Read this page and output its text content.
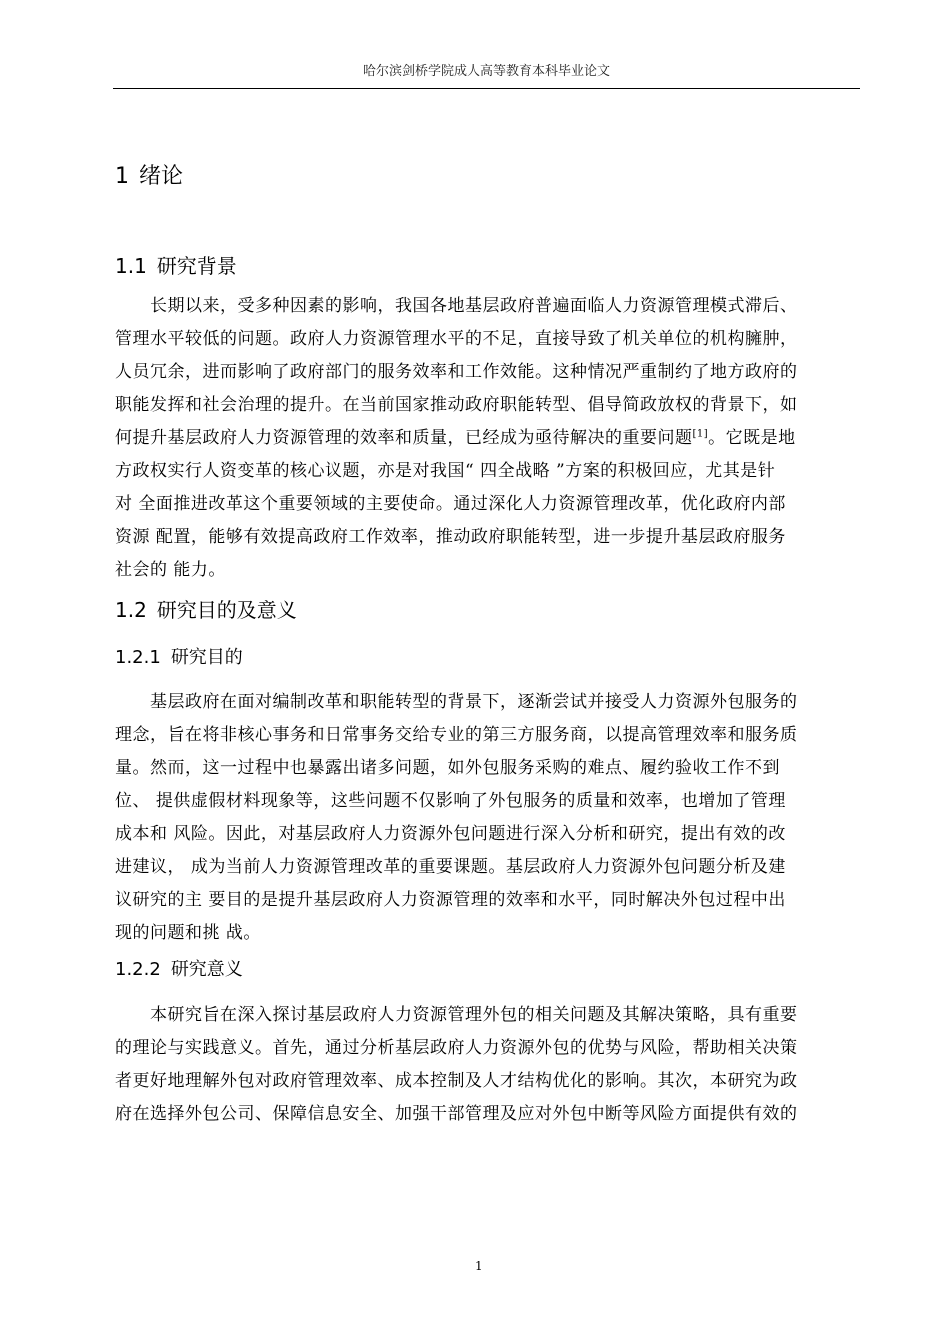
哈尔滨剑桥学院成人高等教育本科毕业论文
1 绪论
1.1 研究背景
　　长期以来，受多种因素的影响，我国各地基层政府普遍面临人力资源管理模式滞后、
管理水平较低的问题。政府人力资源管理水平的不足，直接导致了机关单位的机构臃肿，
人员冗余，进而影响了政府部门的服务效率和工作效能。这种情况严重制约了地方政府的
职能发挥和社会治理的提升。在当前国家推动政府职能转型、倡导简政放权的背景下，如
何提升基层政府人力资源管理的效率和质量，已经成为亟待解决的重要问题[1]。它既是地
方政权实行人资变革的核心议题，亦是对我国“ 四全战略 ”方案的积极回应，尤其是针
对 全面推进改革这个重要领域的主要使命。通过深化人力资源管理改革，优化政府内部
资源 配置，能够有效提高政府工作效率，推动政府职能转型，进一步提升基层政府服务
社会的 能力。
1.2 研究目的及意义
1.2.1 研究目的
　　基层政府在面对编制改革和职能转型的背景下，逐渐尝试并接受人力资源外包服务的
理念，旨在将非核心事务和日常事务交给专业的第三方服务商，以提高管理效率和服务质
量。然而，这一过程中也暴露出诸多问题，如外包服务采购的难点、履约验收工作不到
位、 提供虚假材料现象等，这些问题不仅影响了外包服务的质量和效率，也增加了管理
成本和 风险。因此，对基层政府人力资源外包问题进行深入分析和研究，提出有效的改
进建议， 成为当前人力资源管理改革的重要课题。基层政府人力资源外包问题分析及建
议研究的主 要目的是提升基层政府人力资源管理的效率和水平，同时解决外包过程中出
现的问题和挑 战。
1.2.2 研究意义
　　本研究旨在深入探讨基层政府人力资源管理外包的相关问题及其解决策略，具有重要
的理论与实践意义。首先，通过分析基层政府人力资源外包的优势与风险，帮助相关决策
者更好地理解外包对政府管理效率、成本控制及人才结构优化的影响。其次，本研究为政
府在选择外包公司、保障信息安全、加强干部管理及应对外包中断等风险方面提供有效的
1
